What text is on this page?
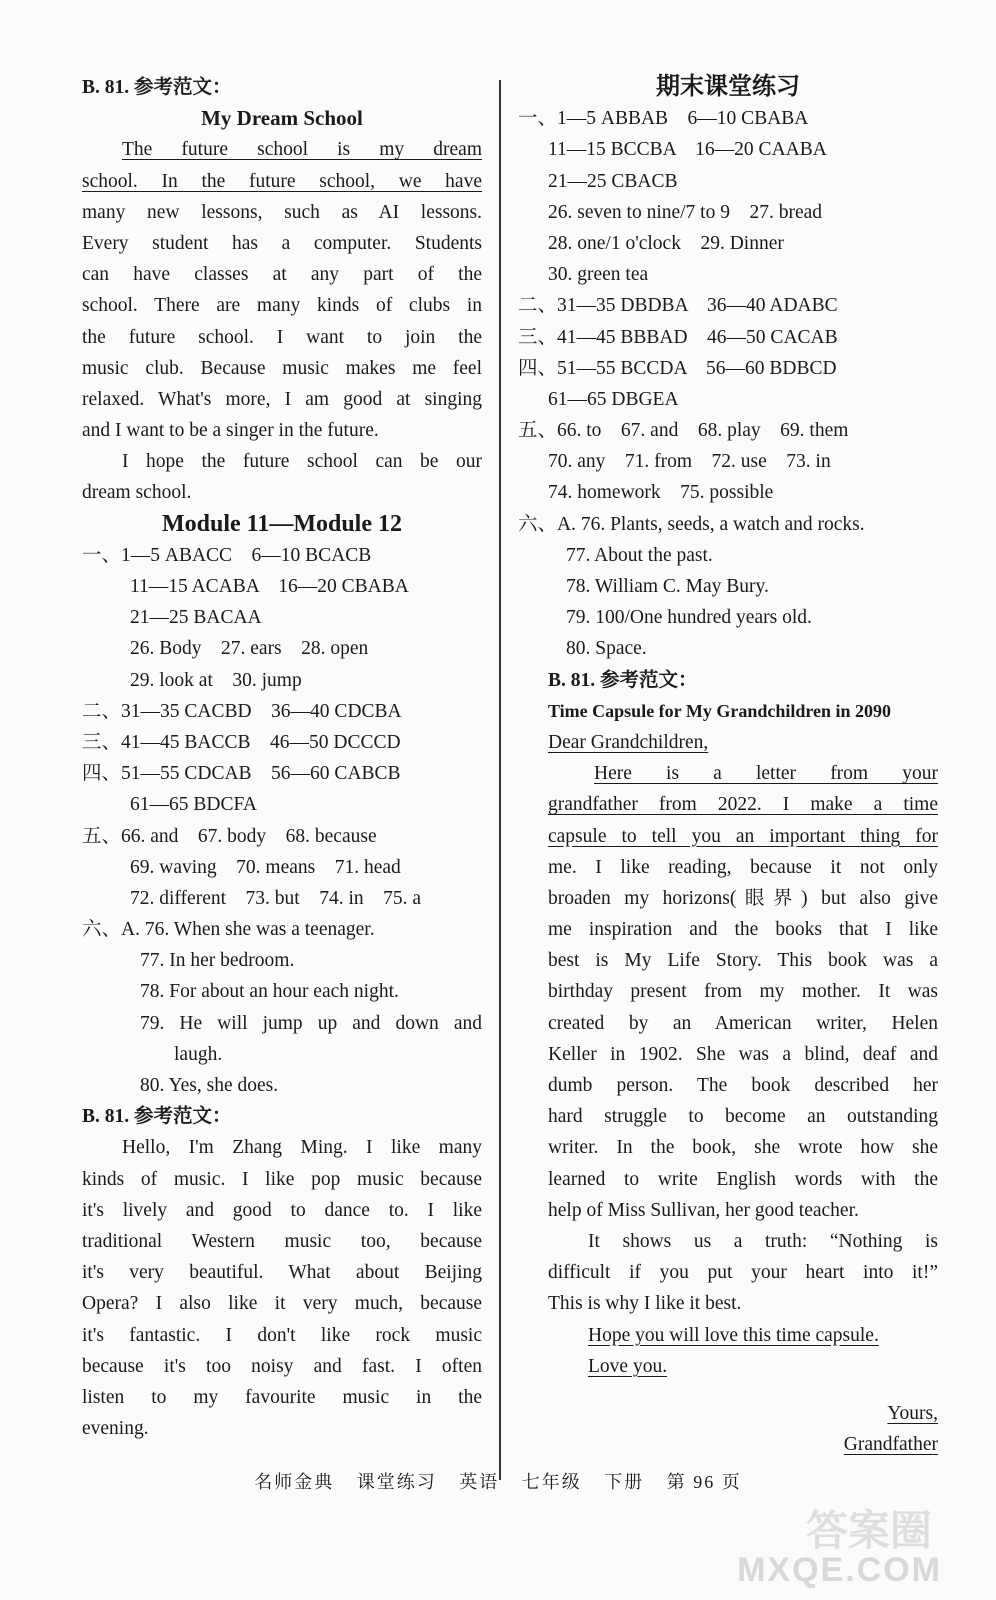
B. 81. 参考范文：
My Dream School
The future school is my dream
school. In the future school, we have
many new lessons, such as AI lessons.
Every student has a computer. Students
can have classes at any part of the
school. There are many kinds of clubs in
the future school. I want to join the
music club. Because music makes me feel
relaxed. What's more, I am good at singing
and I want to be a singer in the future.
I hope the future school can be our
dream school.
Module 11—Module 12
一、1—5 ABACC　6—10 BCACB
11—15 ACABA　16—20 CBABA
21—25 BACAA
26. Body　27. ears　28. open
29. look at　30. jump
二、31—35 CACBD　36—40 CDCBA
三、41—45 BACCB　46—50 DCCCD
四、51—55 CDCAB　56—60 CABCB
61—65 BDCFA
五、66. and　67. body　68. because
69. waving　70. means　71. head
72. different　73. but　74. in　75. a
六、A. 76. When she was a teenager.
77. In her bedroom.
78. For about an hour each night.
79. He will jump up and down and
laugh.
80. Yes, she does.
B. 81. 参考范文：
Hello, I'm Zhang Ming. I like many
kinds of music. I like pop music because
it's lively and good to dance to. I like
traditional Western music too, because
it's very beautiful. What about Beijing
Opera? I also like it very much, because
it's fantastic. I don't like rock music
because it's too noisy and fast. I often
listen to my favourite music in the
evening.
期末课堂练习
一、1—5 ABBAB　6—10 CBABA
11—15 BCCBA　16—20 CAABA
21—25 CBACB
26. seven to nine/7 to 9　27. bread
28. one/1 o'clock　29. Dinner
30. green tea
二、31—35 DBDBA　36—40 ADABC
三、41—45 BBBAD　46—50 CACAB
四、51—55 BCCDA　56—60 BDBCD
61—65 DBGEA
五、66. to　67. and　68. play　69. them
70. any　71. from　72. use　73. in
74. homework　75. possible
六、A. 76. Plants, seeds, a watch and rocks.
77. About the past.
78. William C. May Bury.
79. 100/One hundred years old.
80. Space.
B. 81. 参考范文：
Time Capsule for My Grandchildren in 2090
Dear Grandchildren,
Here is a letter from your
grandfather from 2022. I make a time
capsule to tell you an important thing for
me. I like reading, because it not only
broaden my horizons(眼界) but also give
me inspiration and the books that I like
best is My Life Story. This book was a
birthday present from my mother. It was
created by an American writer, Helen
Keller in 1902. She was a blind, deaf and
dumb person. The book described her
hard struggle to become an outstanding
writer. In the book, she wrote how she
learned to write English words with the
help of Miss Sullivan, her good teacher.
It shows us a truth: “Nothing is
difficult if you put your heart into it!”
This is why I like it best.
Hope you will love this time capsule.
Love you.
Yours,
Grandfather
名师金典 课堂练习 英语 七年级 下册 第 96 页
答案圈
MXQE.COM
